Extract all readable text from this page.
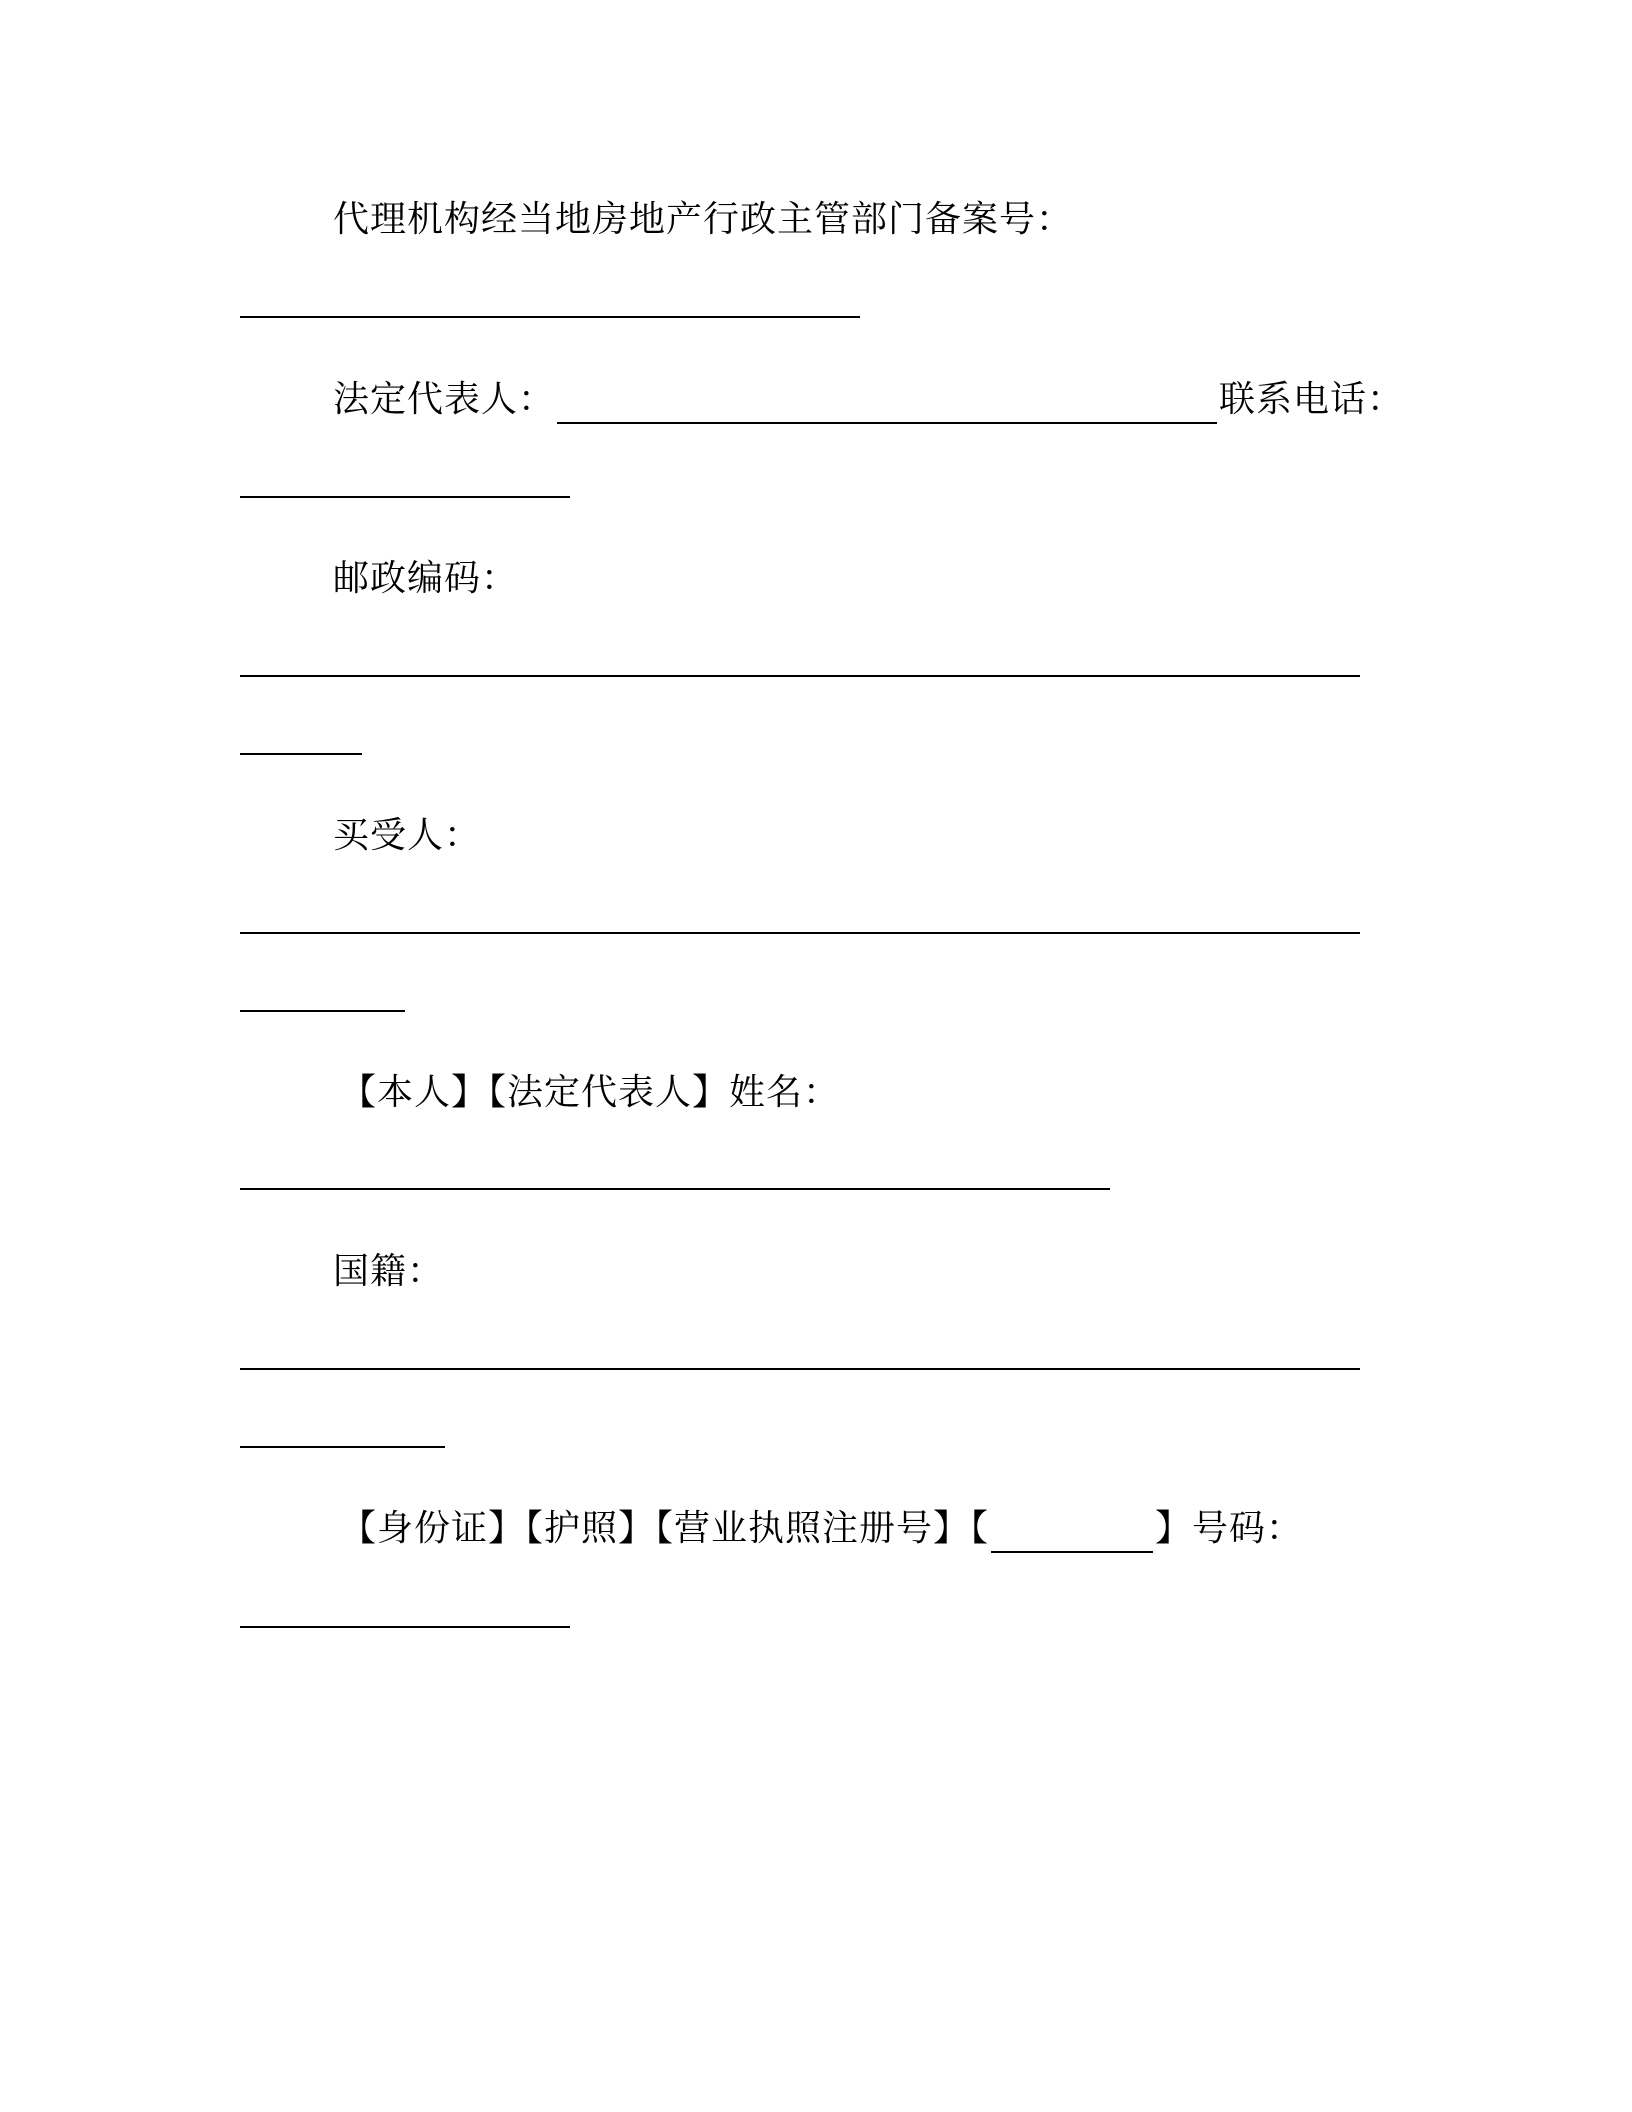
代理机构经当地房地产行政主管部门备案号：
法定代表人：	联系电话：
邮政编码：
买受人：
【本人】【法定代表人】姓名：
国籍：
【身份证】【护照】【营业执照注册号】【	】号码：
